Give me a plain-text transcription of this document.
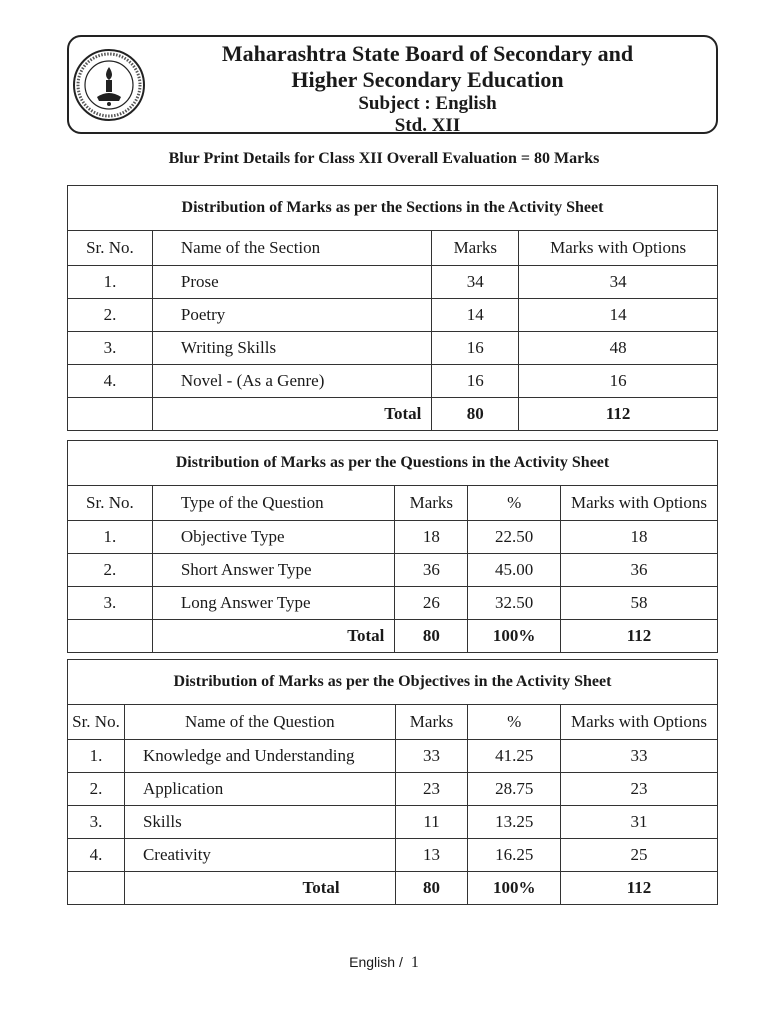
Maharashtra State Board of Secondary and
Higher Secondary Education
Subject : English
Std. XII
Blur Print Details for Class XII Overall Evaluation = 80 Marks
Distribution of Marks as per the Sections in the Activity Sheet			
Sr. No.	Name of the Section	Marks	Marks with Options
1.	Prose	34	34
2.	Poetry	14	14
3.	Writing Skills	16	48
4.	Novel - (As a Genre)	16	16
	Total	80	112
Distribution of Marks as per the Questions in the Activity Sheet				
Sr. No.	Type of the Question	Marks	%	Marks with Options
1.	Objective Type	18	22.50	18
2.	Short Answer Type	36	45.00	36
3.	Long Answer Type	26	32.50	58
	Total	80	100%	112
Distribution of Marks as per the Objectives in the Activity Sheet				
Sr. No.	Name of the Question	Marks	%	Marks with Options
1.	Knowledge and Understanding	33	41.25	33
2.	Application	23	28.75	23
3.	Skills	11	13.25	31
4.	Creativity	13	16.25	25
	Total	80	100%	112
English / 1
